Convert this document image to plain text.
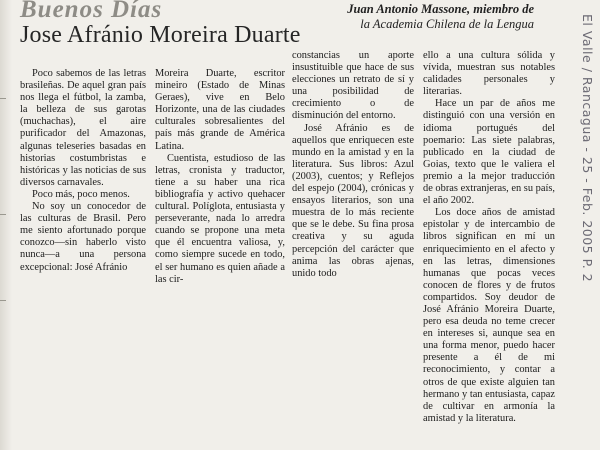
Buenos Días	Juan Antonio Massone, miembro de
la Academia Chilena de la Lengua
Jose Afránio Moreira Duarte

Poco sabemos de las letras brasileñas. De aquel gran país nos llega el fútbol, la zamba, la belleza de sus garotas (muchachas), el aire purificador del Amazonas, algunas teleseries basadas en historias costumbristas e históricas y las noticias de sus diversos carnavales.

Poco más, poco menos.

No soy un conocedor de las culturas de Brasil. Pero me siento afortunado porque conozco—sin haberlo visto nunca—a una persona excepcional: José Afránio

Moreira Duarte, escritor mineiro (Estado de Minas Geraes), vive en Belo Horizonte, una de las ciudades culturales sobresalientes del país más grande de América Latina.

Cuentista, estudioso de las letras, cronista y traductor, tiene a su haber una rica bibliografía y activo quehacer cultural. Políglota, entusiasta y perseverante, nada lo arredra cuando se propone una meta que él encuentra valiosa, y, como siempre sucede en todo, el ser humano es quien añade a las cir-

constancias un aporte insustituible que hace de sus elecciones un retrato de sí y una posibilidad de crecimiento o de disminución del entorno.

José Afránio es de aquellos que enriquecen este mundo en la amistad y en la literatura. Sus libros: Azul (2003), cuentos; y Reflejos del espejo (2004), crónicas y ensayos literarios, son una muestra de lo más reciente que se le debe. Su fina prosa creativa y su aguda percepción del carácter que anima las obras ajenas, unido todo

ello a una cultura sólida y vívida, muestran sus notables calidades personales y literarias.

Hace un par de años me distinguió con una versión en idioma portugués del poemario: Las siete palabras, publicado en la ciudad de Goias, texto que le valiera el premio a la mejor traducción de obras extranjeras, en su país, el año 2002.

Los doce años de amistad epistolar y de intercambio de libros significan en mí un enriquecimiento en el afecto y en las letras, dimensiones humanas que pocas veces conocen de flores y de frutos compartidos. Soy deudor de José Afránio Moreira Duarte, pero esa deuda no teme crecer en intereses si, aunque sea en una forma menor, puedo hacer presente a él de mi reconocimiento, y contar a otros de que existe alguien tan hermano y tan entusiasta, capaz de cultivar en armonía la amistad y la literatura.

El Valle / Rancagua - 25 - Feb. 2005 P. 2
